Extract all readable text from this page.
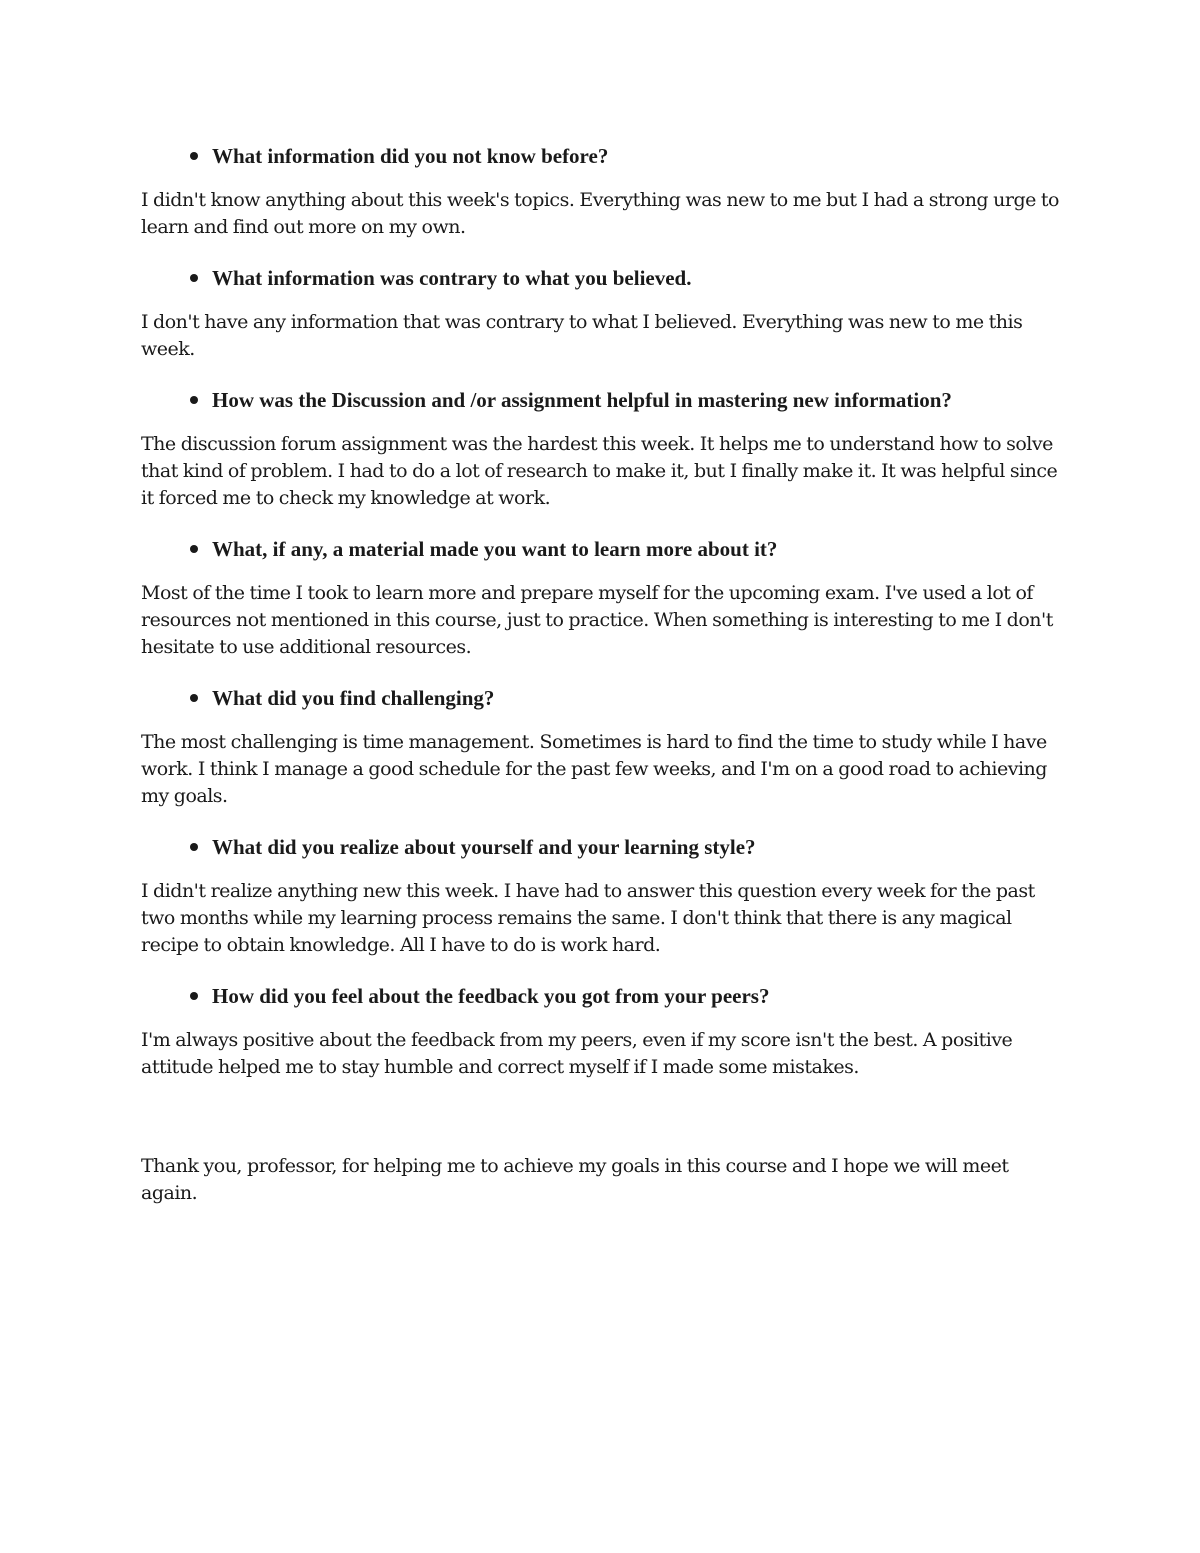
What information did you not know before?

I didn't know anything about this week's topics. Everything was new to me but I had a strong urge to learn and find out more on my own.

What information was contrary to what you believed.

I don't have any information that was contrary to what I believed. Everything was new to me this week.

How was the Discussion and /or assignment helpful in mastering new information?

The discussion forum assignment was the hardest this week. It helps me to understand how to solve that kind of problem. I had to do a lot of research to make it, but I finally make it. It was helpful since it forced me to check my knowledge at work.

What, if any, a material made you want to learn more about it?

Most of the time I took to learn more and prepare myself for the upcoming exam. I've used a lot of resources not mentioned in this course, just to practice. When something is interesting to me I don't hesitate to use additional resources.

What did you find challenging?

The most challenging is time management. Sometimes is hard to find the time to study while I have work. I think I manage a good schedule for the past few weeks, and I'm on a good road to achieving my goals.

What did you realize about yourself and your learning style?

I didn't realize anything new this week. I have had to answer this question every week for the past two months while my learning process remains the same. I don't think that there is any magical recipe to obtain knowledge. All I have to do is work hard.

How did you feel about the feedback you got from your peers?

I'm always positive about the feedback from my peers, even if my score isn't the best. A positive attitude helped me to stay humble and correct myself if I made some mistakes.

Thank you, professor, for helping me to achieve my goals in this course and I hope we will meet again.
